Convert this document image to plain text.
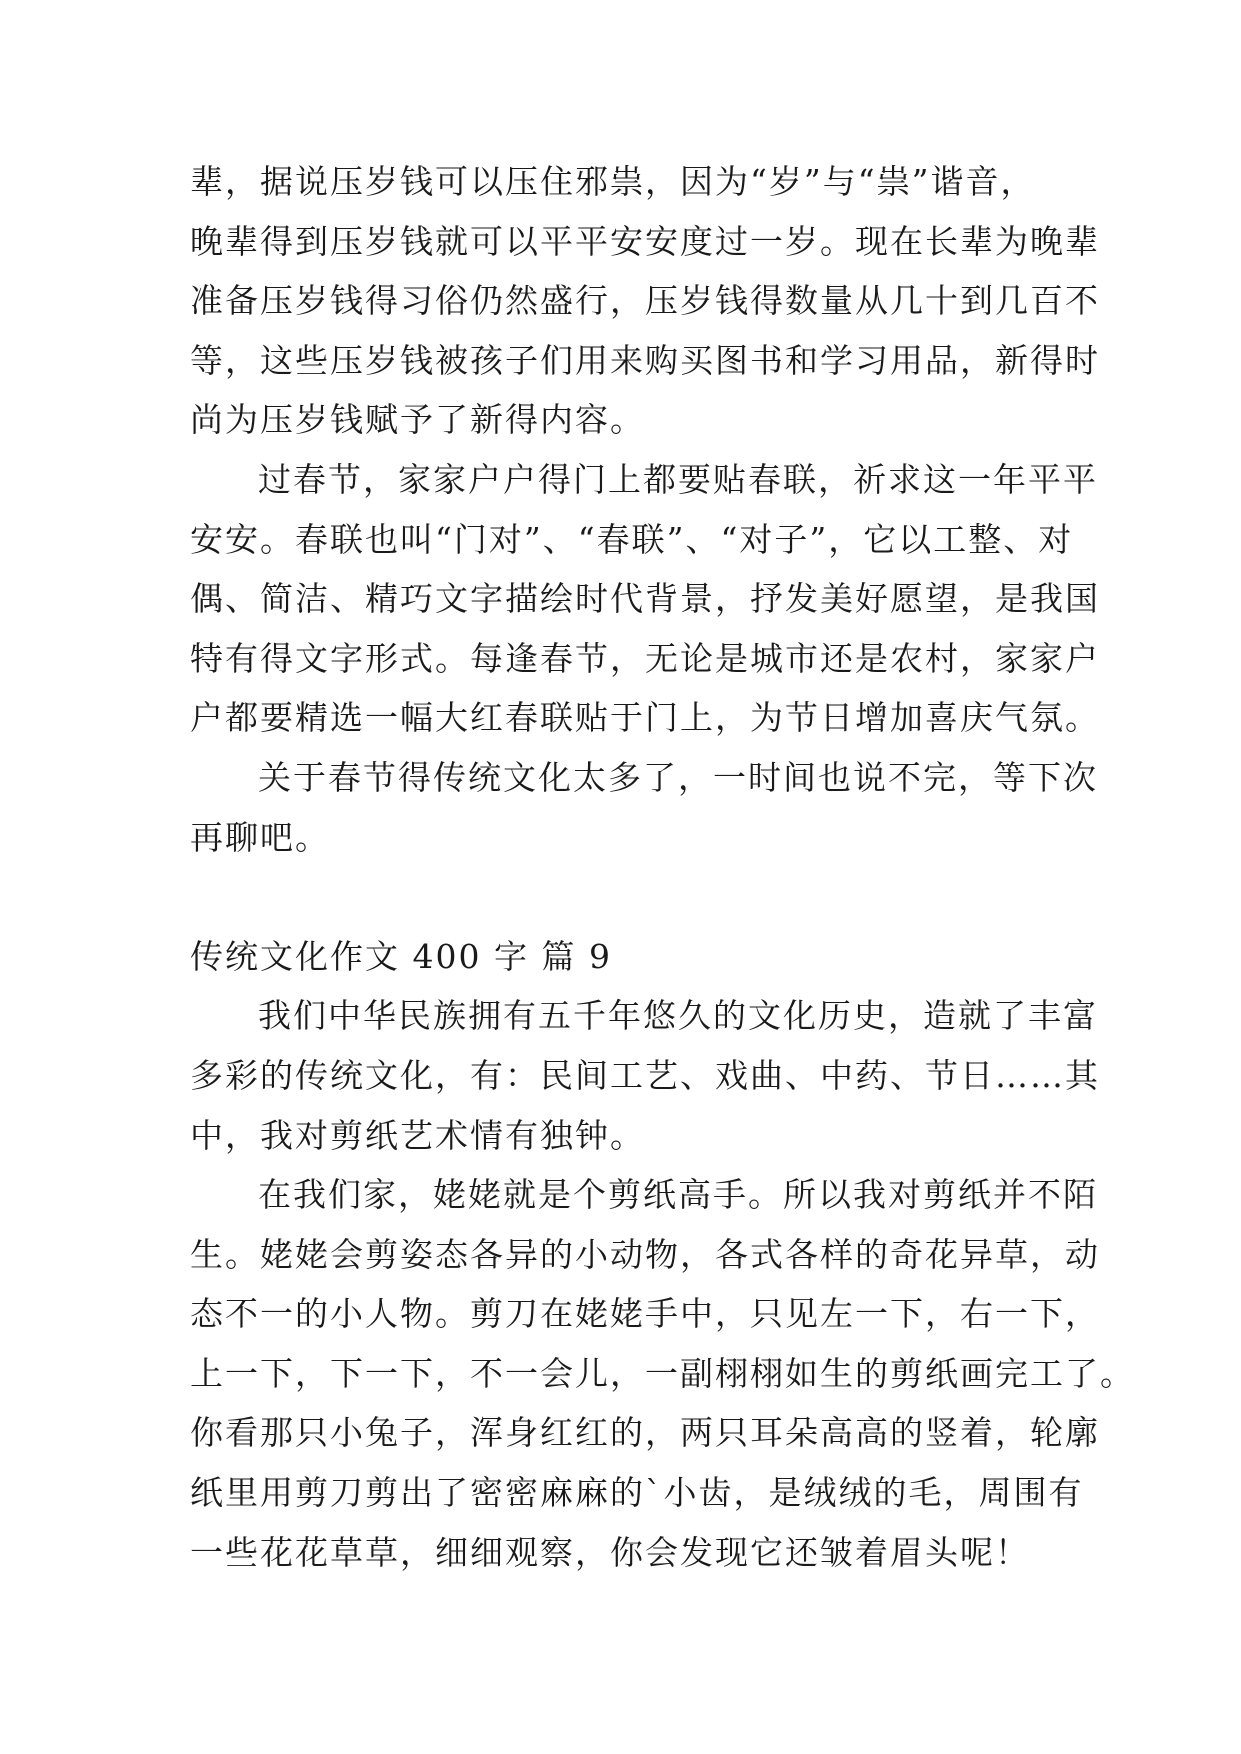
辈，据说压岁钱可以压住邪祟，因为“岁”与“祟”谐音，
晚辈得到压岁钱就可以平平安安度过一岁。现在长辈为晚辈
准备压岁钱得习俗仍然盛行，压岁钱得数量从几十到几百不
等，这些压岁钱被孩子们用来购买图书和学习用品，新得时
尚为压岁钱赋予了新得内容。
过春节，家家户户得门上都要贴春联，祈求这一年平平
安安。春联也叫“门对”、“春联”、“对子”，它以工整、对
偶、简洁、精巧文字描绘时代背景，抒发美好愿望，是我国
特有得文字形式。每逢春节，无论是城市还是农村，家家户
户都要精选一幅大红春联贴于门上，为节日增加喜庆气氛。
关于春节得传统文化太多了，一时间也说不完，等下次
再聊吧。
传统文化作文 400 字 篇 9
我们中华民族拥有五千年悠久的文化历史，造就了丰富
多彩的传统文化，有：民间工艺、戏曲、中药、节日……其
中，我对剪纸艺术情有独钟。
在我们家，姥姥就是个剪纸高手。所以我对剪纸并不陌
生。姥姥会剪姿态各异的小动物，各式各样的奇花异草，动
态不一的小人物。剪刀在姥姥手中，只见左一下，右一下，
上一下，下一下，不一会儿，一副栩栩如生的剪纸画完工了。
你看那只小兔子，浑身红红的，两只耳朵高高的竖着，轮廓
纸里用剪刀剪出了密密麻麻的`小齿，是绒绒的毛，周围有
一些花花草草，细细观察，你会发现它还皱着眉头呢！
